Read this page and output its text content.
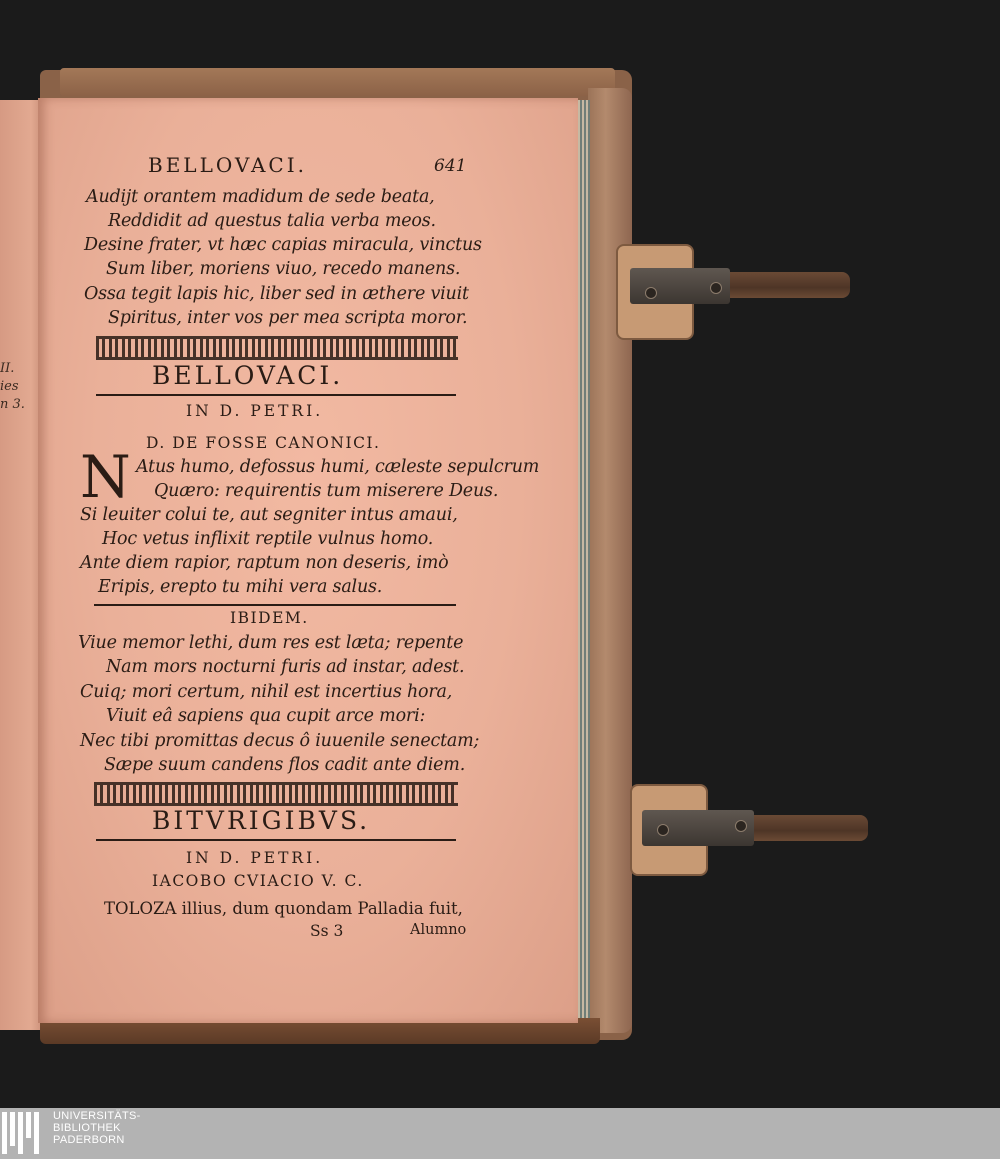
II.
ies
n 3.
BELLOVACI.	641
Audijt orantem madidum de sede beata,
Reddidit ad questus talia verba meos.
Desine frater, vt hæc capias miracula, vinctus
Sum liber, moriens viuo, recedo manens.
Ossa tegit lapis hic, liber sed in æthere viuit
Spiritus, inter vos per mea scripta moror.
BELLOVACI.
IN D. PETRI.
D. DE FOSSE CANONICI.
N Atus humo, defossus humi, cæleste sepulcrum
Quæro: requirentis tum miserere Deus.
Si leuiter colui te, aut segniter intus amaui,
Hoc vetus inflixit reptile vulnus homo.
Ante diem rapior, raptum non deseris, imò
Eripis, erepto tu mihi vera salus.
IBIDEM.
Viue memor lethi, dum res est læta; repente
Nam mors nocturni furis ad instar, adest.
Cuiq; mori certum, nihil est incertius hora,
Viuit eâ sapiens qua cupit arce mori:
Nec tibi promittas decus ô iuuenile senectam;
Sæpe suum candens flos cadit ante diem.
BITVRIGIBVS.
IN D. PETRI.
IACOBO CVIACIO V. C.
TOLOZA illius, dum quondam Palladia fuit,
Ss 3	Alumno
UNIVERSITÄTS-
BIBLIOTHEK
PADERBORN
